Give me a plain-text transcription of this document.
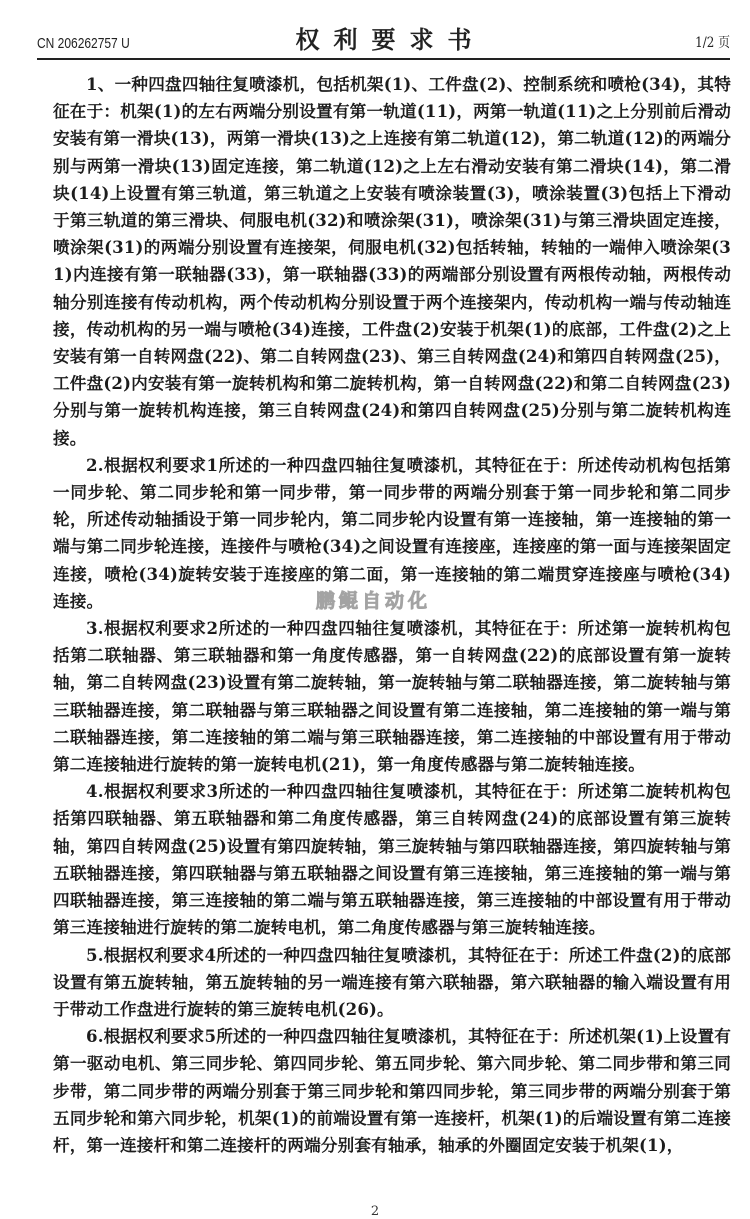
CN 206262757 U	权利要求书	1/2 页

1、一种四盘四轴往复喷漆机，包括机架(1)、工件盘(2)、控制系统和喷枪(34)，其特征在于：机架(1)的左右两端分别设置有第一轨道(11)，两第一轨道(11)之上分别前后滑动安装有第一滑块(13)，两第一滑块(13)之上连接有第二轨道(12)，第二轨道(12)的两端分别与两第一滑块(13)固定连接，第二轨道(12)之上左右滑动安装有第二滑块(14)，第二滑块(14)上设置有第三轨道，第三轨道之上安装有喷涂装置(3)，喷涂装置(3)包括上下滑动于第三轨道的第三滑块、伺服电机(32)和喷涂架(31)，喷涂架(31)与第三滑块固定连接，喷涂架(31)的两端分别设置有连接架，伺服电机(32)包括转轴，转轴的一端伸入喷涂架(31)内连接有第一联轴器(33)，第一联轴器(33)的两端部分别设置有两根传动轴，两根传动轴分别连接有传动机构，两个传动机构分别设置于两个连接架内，传动机构一端与传动轴连接，传动机构的另一端与喷枪(34)连接，工件盘(2)安装于机架(1)的底部，工件盘(2)之上安装有第一自转网盘(22)、第二自转网盘(23)、第三自转网盘(24)和第四自转网盘(25)，工件盘(2)内安装有第一旋转机构和第二旋转机构，第一自转网盘(22)和第二自转网盘(23)分别与第一旋转机构连接，第三自转网盘(24)和第四自转网盘(25)分别与第二旋转机构连接。

2.根据权利要求1所述的一种四盘四轴往复喷漆机，其特征在于：所述传动机构包括第一同步轮、第二同步轮和第一同步带，第一同步带的两端分别套于第一同步轮和第二同步轮，所述传动轴插设于第一同步轮内，第二同步轮内设置有第一连接轴，第一连接轴的第一端与第二同步轮连接，连接件与喷枪(34)之间设置有连接座，连接座的第一面与连接架固定连接，喷枪(34)旋转安装于连接座的第二面，第一连接轴的第二端贯穿连接座与喷枪(34)连接。

3.根据权利要求2所述的一种四盘四轴往复喷漆机，其特征在于：所述第一旋转机构包括第二联轴器、第三联轴器和第一角度传感器，第一自转网盘(22)的底部设置有第一旋转轴，第二自转网盘(23)设置有第二旋转轴，第一旋转轴与第二联轴器连接，第二旋转轴与第三联轴器连接，第二联轴器与第三联轴器之间设置有第二连接轴，第二连接轴的第一端与第二联轴器连接，第二连接轴的第二端与第三联轴器连接，第二连接轴的中部设置有用于带动第二连接轴进行旋转的第一旋转电机(21)，第一角度传感器与第二旋转轴连接。

4.根据权利要求3所述的一种四盘四轴往复喷漆机，其特征在于：所述第二旋转机构包括第四联轴器、第五联轴器和第二角度传感器，第三自转网盘(24)的底部设置有第三旋转轴，第四自转网盘(25)设置有第四旋转轴，第三旋转轴与第四联轴器连接，第四旋转轴与第五联轴器连接，第四联轴器与第五联轴器之间设置有第三连接轴，第三连接轴的第一端与第四联轴器连接，第三连接轴的第二端与第五联轴器连接，第三连接轴的中部设置有用于带动第三连接轴进行旋转的第二旋转电机，第二角度传感器与第三旋转轴连接。

5.根据权利要求4所述的一种四盘四轴往复喷漆机，其特征在于：所述工件盘(2)的底部设置有第五旋转轴，第五旋转轴的另一端连接有第六联轴器，第六联轴器的输入端设置有用于带动工作盘进行旋转的第三旋转电机(26)。

6.根据权利要求5所述的一种四盘四轴往复喷漆机，其特征在于：所述机架(1)上设置有第一驱动电机、第三同步轮、第四同步轮、第五同步轮、第六同步轮、第二同步带和第三同步带，第二同步带的两端分别套于第三同步轮和第四同步轮，第三同步带的两端分别套于第五同步轮和第六同步轮，机架(1)的前端设置有第一连接杆，机架(1)的后端设置有第二连接杆，第一连接杆和第二连接杆的两端分别套有轴承，轴承的外圈固定安装于机架(1)，

鹏鲲自动化
2
